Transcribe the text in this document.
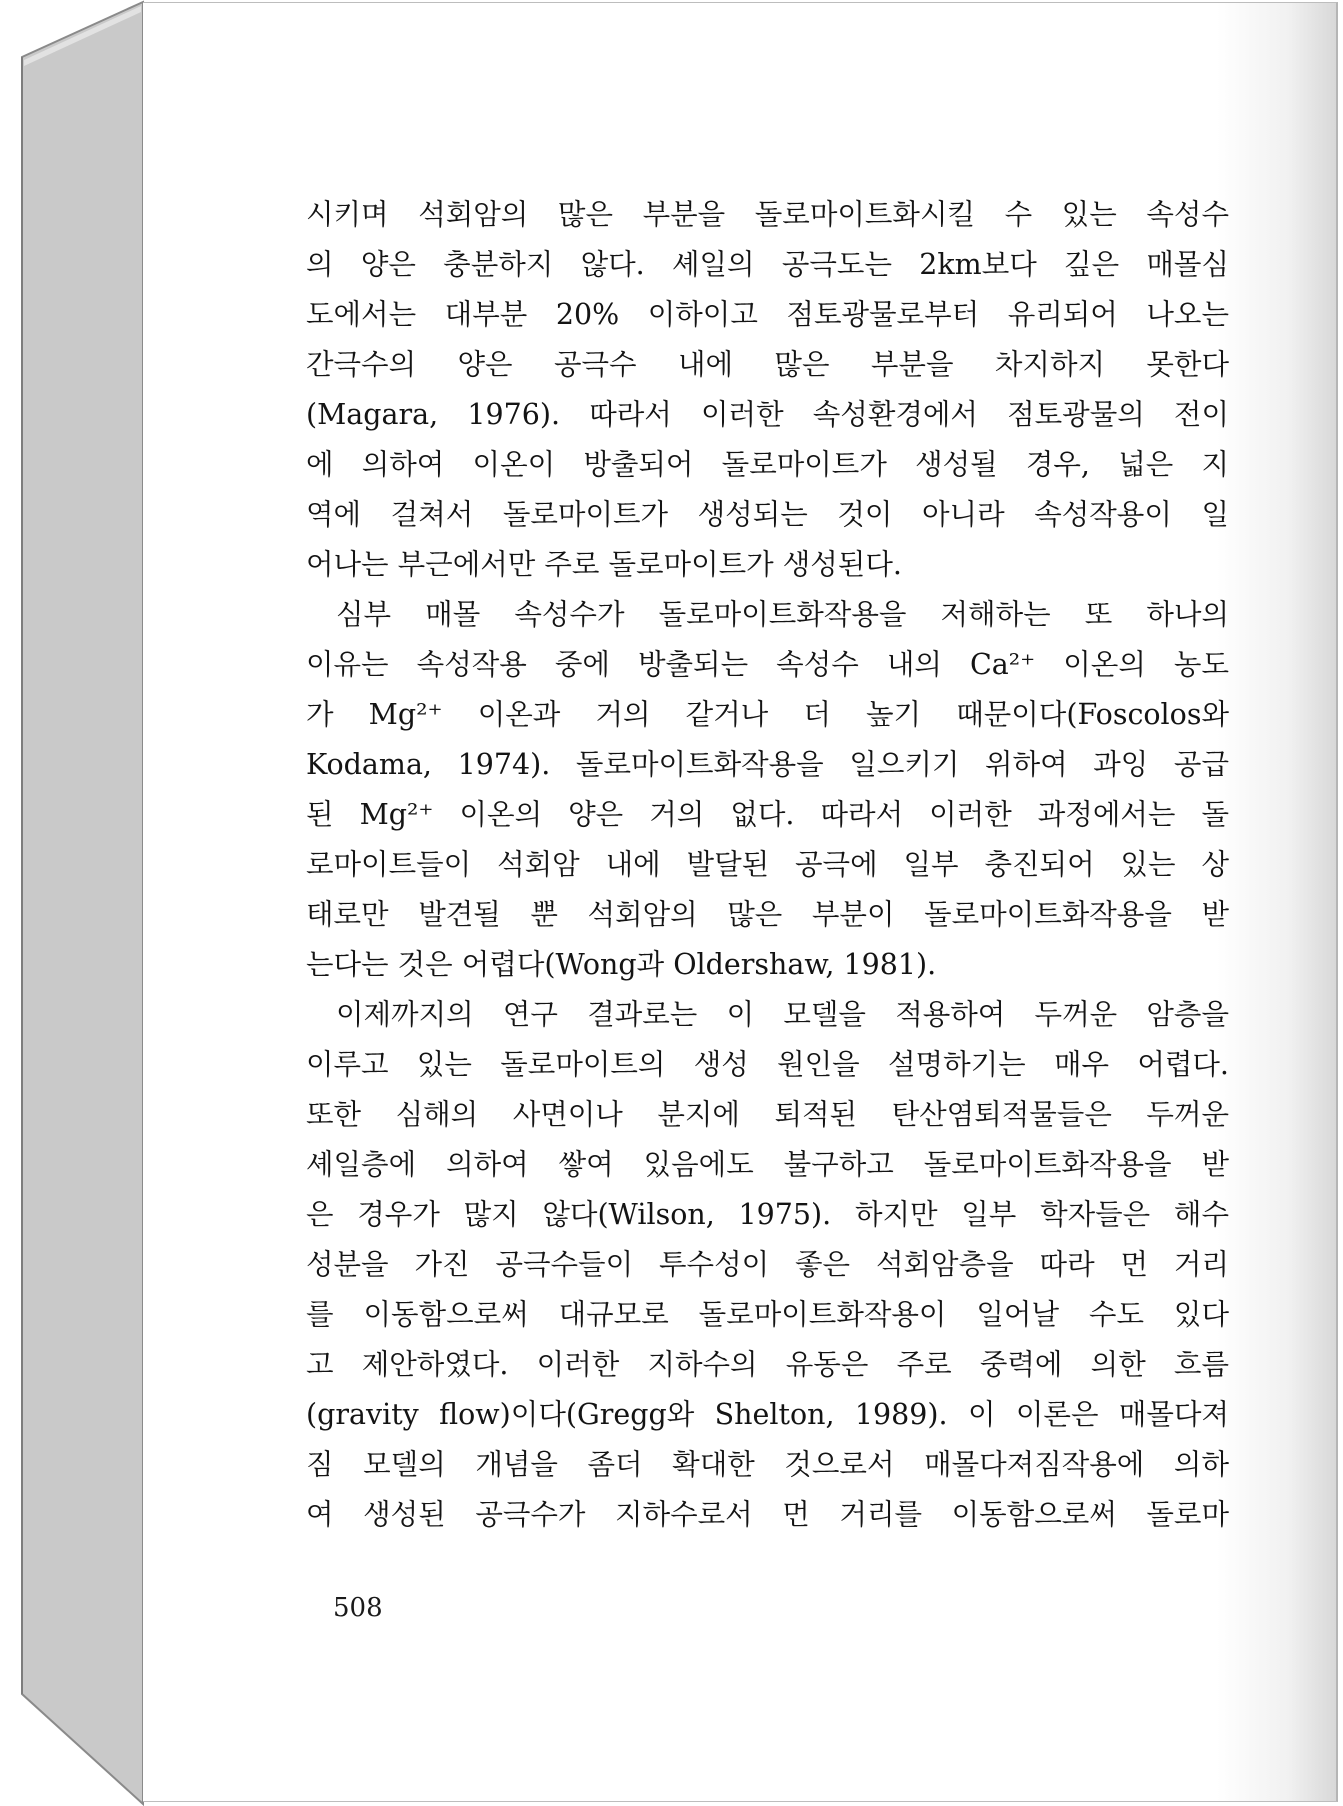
시키며 석회암의 많은 부분을 돌로마이트화시킬 수 있는 속성수
의 양은 충분하지 않다. 셰일의 공극도는 2km보다 깊은 매몰심
도에서는 대부분 20% 이하이고 점토광물로부터 유리되어 나오는
간극수의 양은 공극수 내에 많은 부분을 차지하지 못한다
(Magara, 1976). 따라서 이러한 속성환경에서 점토광물의 전이
에 의하여 이온이 방출되어 돌로마이트가 생성될 경우, 넓은 지
역에 걸쳐서 돌로마이트가 생성되는 것이 아니라 속성작용이 일
어나는 부근에서만 주로 돌로마이트가 생성된다.
심부 매몰 속성수가 돌로마이트화작용을 저해하는 또 하나의
이유는 속성작용 중에 방출되는 속성수 내의 Ca²⁺ 이온의 농도
가 Mg²⁺ 이온과 거의 같거나 더 높기 때문이다(Foscolos와
Kodama, 1974). 돌로마이트화작용을 일으키기 위하여 과잉 공급
된 Mg²⁺ 이온의 양은 거의 없다. 따라서 이러한 과정에서는 돌
로마이트들이 석회암 내에 발달된 공극에 일부 충진되어 있는 상
태로만 발견될 뿐 석회암의 많은 부분이 돌로마이트화작용을 받
는다는 것은 어렵다(Wong과 Oldershaw, 1981).
이제까지의 연구 결과로는 이 모델을 적용하여 두꺼운 암층을
이루고 있는 돌로마이트의 생성 원인을 설명하기는 매우 어렵다.
또한 심해의 사면이나 분지에 퇴적된 탄산염퇴적물들은 두꺼운
셰일층에 의하여 쌓여 있음에도 불구하고 돌로마이트화작용을 받
은 경우가 많지 않다(Wilson, 1975). 하지만 일부 학자들은 해수
성분을 가진 공극수들이 투수성이 좋은 석회암층을 따라 먼 거리
를 이동함으로써 대규모로 돌로마이트화작용이 일어날 수도 있다
고 제안하였다. 이러한 지하수의 유동은 주로 중력에 의한 흐름
(gravity flow)이다(Gregg와 Shelton, 1989). 이 이론은 매몰다져
짐 모델의 개념을 좀더 확대한 것으로서 매몰다져짐작용에 의하
여 생성된 공극수가 지하수로서 먼 거리를 이동함으로써 돌로마
508
